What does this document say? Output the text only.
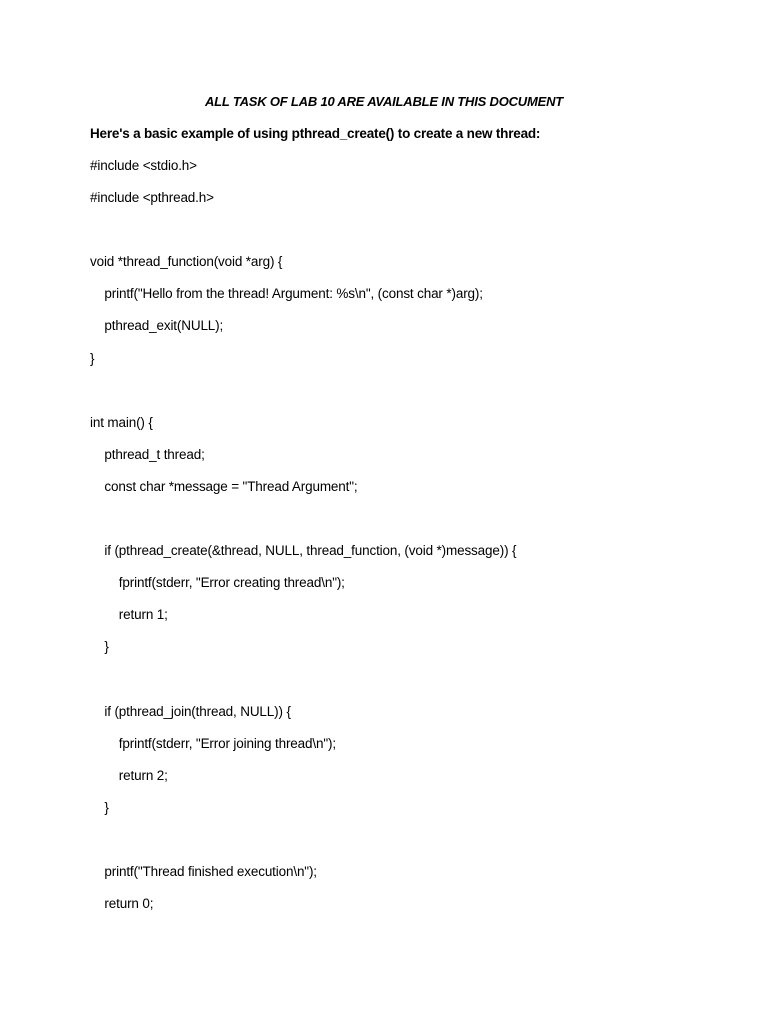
ALL TASK OF LAB 10 ARE AVAILABLE IN THIS DOCUMENT
Here's a basic example of using pthread_create() to create a new thread:
#include <stdio.h>
#include <pthread.h>
void *thread_function(void *arg) {
printf("Hello from the thread! Argument: %s\n", (const char *)arg);
pthread_exit(NULL);
}
int main() {
pthread_t thread;
const char *message = "Thread Argument";
if (pthread_create(&thread, NULL, thread_function, (void *)message)) {
fprintf(stderr, "Error creating thread\n");
return 1;
}
if (pthread_join(thread, NULL)) {
fprintf(stderr, "Error joining thread\n");
return 2;
}
printf("Thread finished execution\n");
return 0;
